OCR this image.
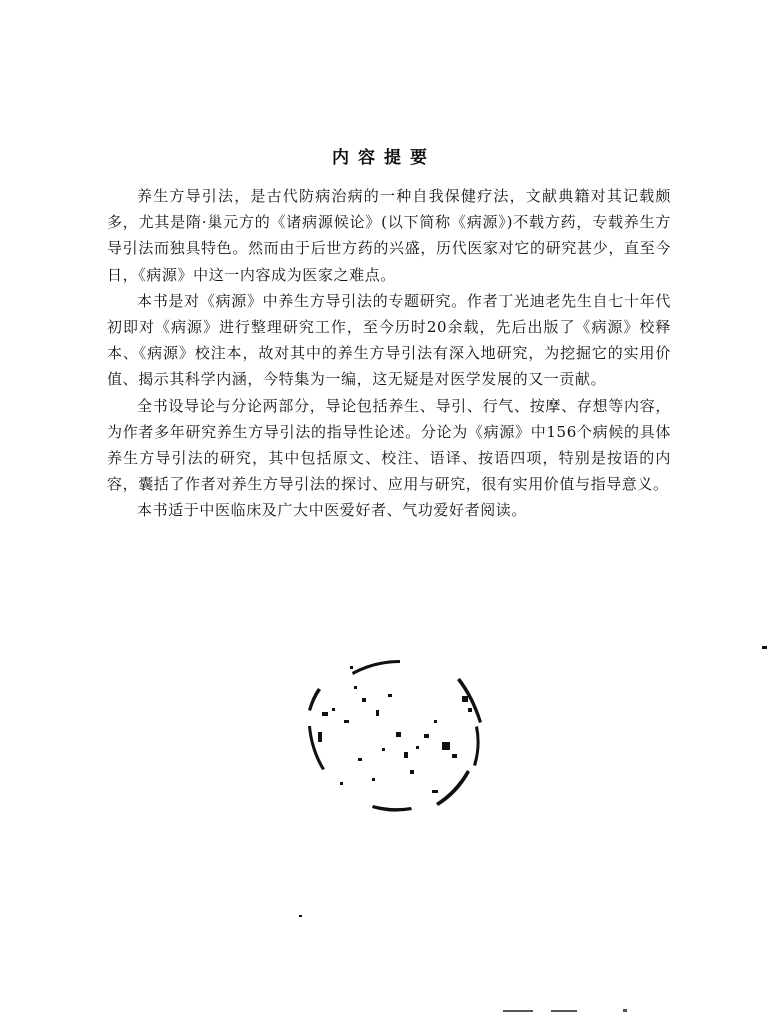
内容提要

养生方导引法，是古代防病治病的一种自我保健疗法，文献典籍对其记载颇多，尤其是隋·巢元方的《诸病源候论》(以下简称《病源》)不载方药，专载养生方导引法而独具特色。然而由于后世方药的兴盛，历代医家对它的研究甚少，直至今日，《病源》中这一内容成为医家之难点。

本书是对《病源》中养生方导引法的专题研究。作者丁光迪老先生自七十年代初即对《病源》进行整理研究工作，至今历时20余载，先后出版了《病源》校释本、《病源》校注本，故对其中的养生方导引法有深入地研究，为挖掘它的实用价值、揭示其科学内涵，今特集为一编，这无疑是对医学发展的又一贡献。

全书设导论与分论两部分，导论包括养生、导引、行气、按摩、存想等内容，为作者多年研究养生方导引法的指导性论述。分论为《病源》中156个病候的具体养生方导引法的研究，其中包括原文、校注、语译、按语四项，特别是按语的内容，囊括了作者对养生方导引法的探讨、应用与研究，很有实用价值与指导意义。

本书适于中医临床及广大中医爱好者、气功爱好者阅读。
